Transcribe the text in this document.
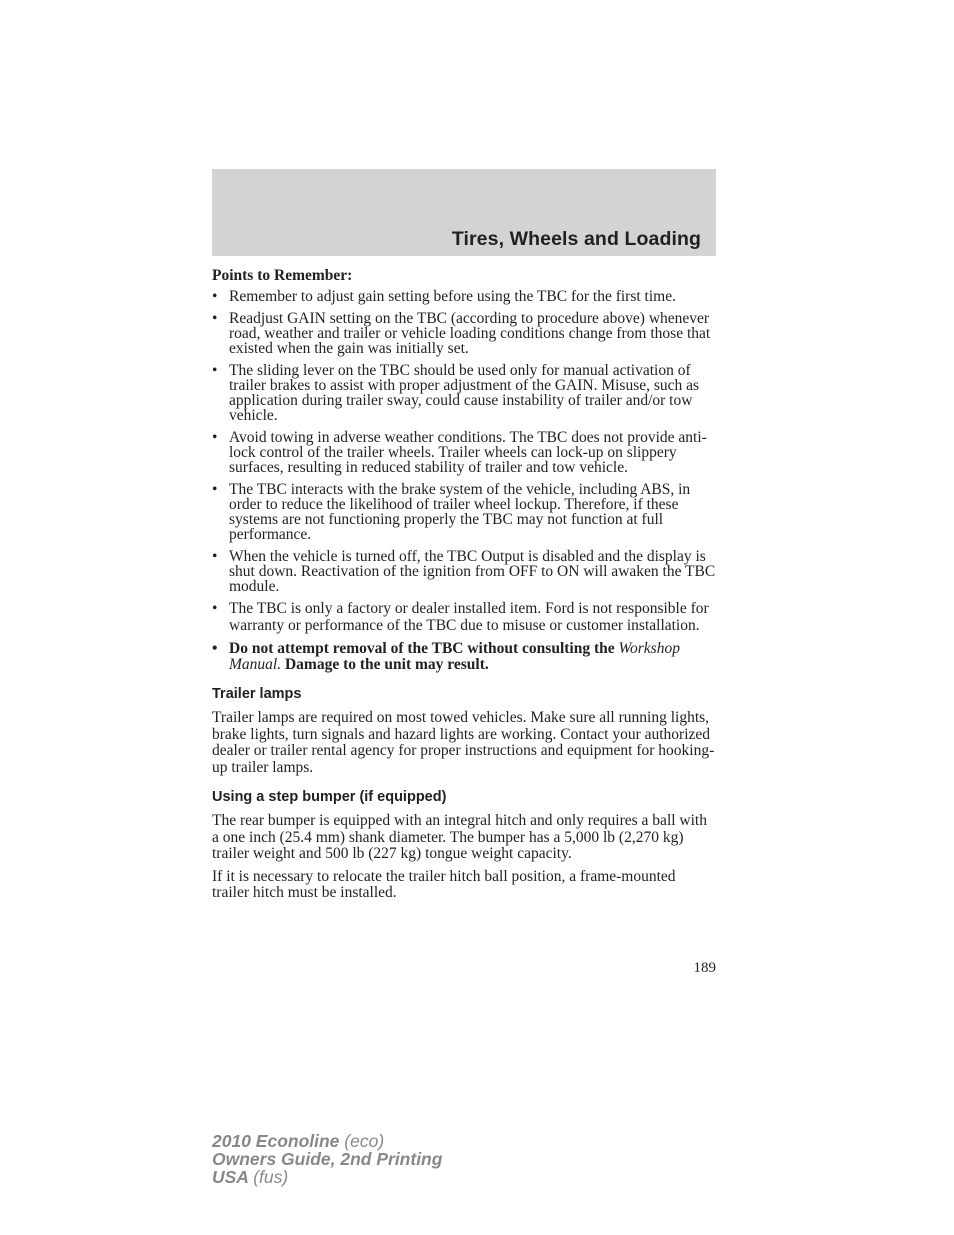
Tires, Wheels and Loading

Points to Remember:

• Remember to adjust gain setting before using the TBC for the first time.
• Readjust GAIN setting on the TBC (according to procedure above) whenever road, weather and trailer or vehicle loading conditions change from those that existed when the gain was initially set.
• The sliding lever on the TBC should be used only for manual activation of trailer brakes to assist with proper adjustment of the GAIN. Misuse, such as application during trailer sway, could cause instability of trailer and/or tow vehicle.
• Avoid towing in adverse weather conditions. The TBC does not provide anti-lock control of the trailer wheels. Trailer wheels can lock-up on slippery surfaces, resulting in reduced stability of trailer and tow vehicle.
• The TBC interacts with the brake system of the vehicle, including ABS, in order to reduce the likelihood of trailer wheel lockup. Therefore, if these systems are not functioning properly the TBC may not function at full performance.
• When the vehicle is turned off, the TBC Output is disabled and the display is shut down. Reactivation of the ignition from OFF to ON will awaken the TBC module.
• The TBC is only a factory or dealer installed item. Ford is not responsible for warranty or performance of the TBC due to misuse or customer installation.
• Do not attempt removal of the TBC without consulting the Workshop Manual. Damage to the unit may result.
Trailer lamps

Trailer lamps are required on most towed vehicles. Make sure all running lights, brake lights, turn signals and hazard lights are working. Contact your authorized dealer or trailer rental agency for proper instructions and equipment for hooking-up trailer lamps.

Using a step bumper (if equipped)

The rear bumper is equipped with an integral hitch and only requires a ball with a one inch (25.4 mm) shank diameter. The bumper has a 5,000 lb (2,270 kg) trailer weight and 500 lb (227 kg) tongue weight capacity.

If it is necessary to relocate the trailer hitch ball position, a frame-mounted trailer hitch must be installed.

189
2010 Econoline (eco)
Owners Guide, 2nd Printing
USA (fus)
